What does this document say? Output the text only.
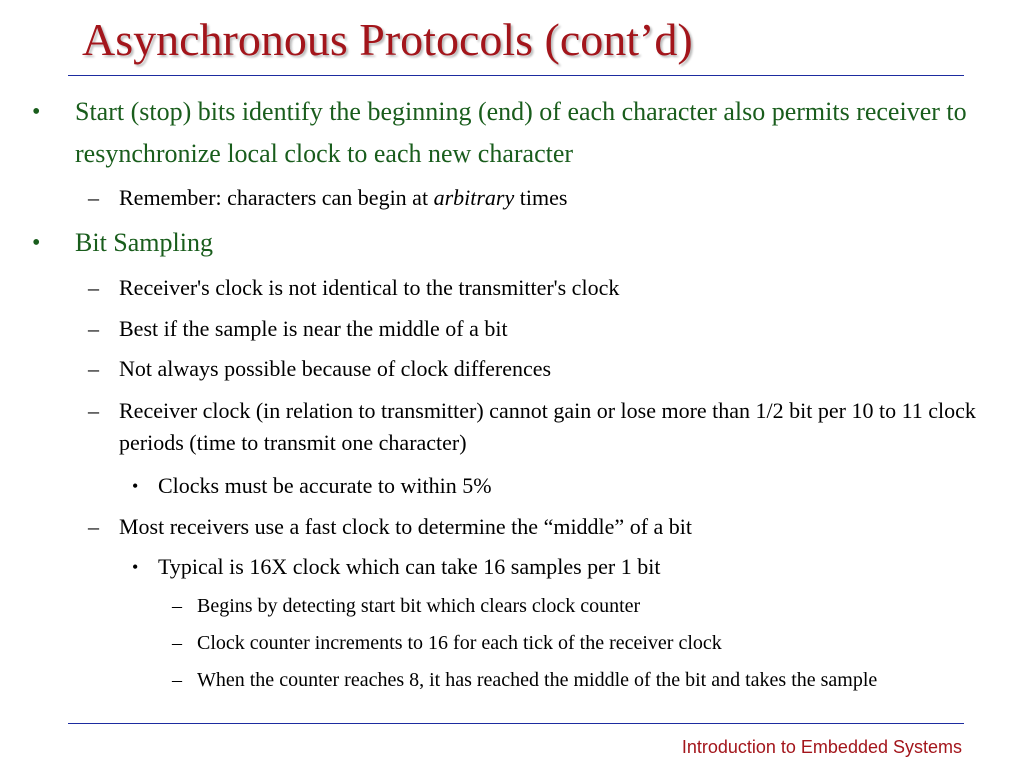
Asynchronous Protocols (cont’d)
• Start (stop) bits identify the beginning (end) of each character also permits receiver to resynchronize local clock to each new character
– Remember: characters can begin at arbitrary times
• Bit Sampling
– Receiver's clock is not identical to the transmitter's clock
– Best if the sample is near the middle of a bit
– Not always possible because of clock differences
– Receiver clock (in relation to transmitter) cannot gain or lose more than 1/2 bit per 10 to 11 clock periods (time to transmit one character)
• Clocks must be accurate to within 5%
– Most receivers use a fast clock to determine the “middle” of a bit
• Typical is 16X clock which can take 16 samples per 1 bit
– Begins by detecting start bit which clears clock counter
– Clock counter increments to 16 for each tick of the receiver clock
– When the counter reaches 8, it has reached the middle of the bit and takes the sample
Introduction to Embedded Systems
